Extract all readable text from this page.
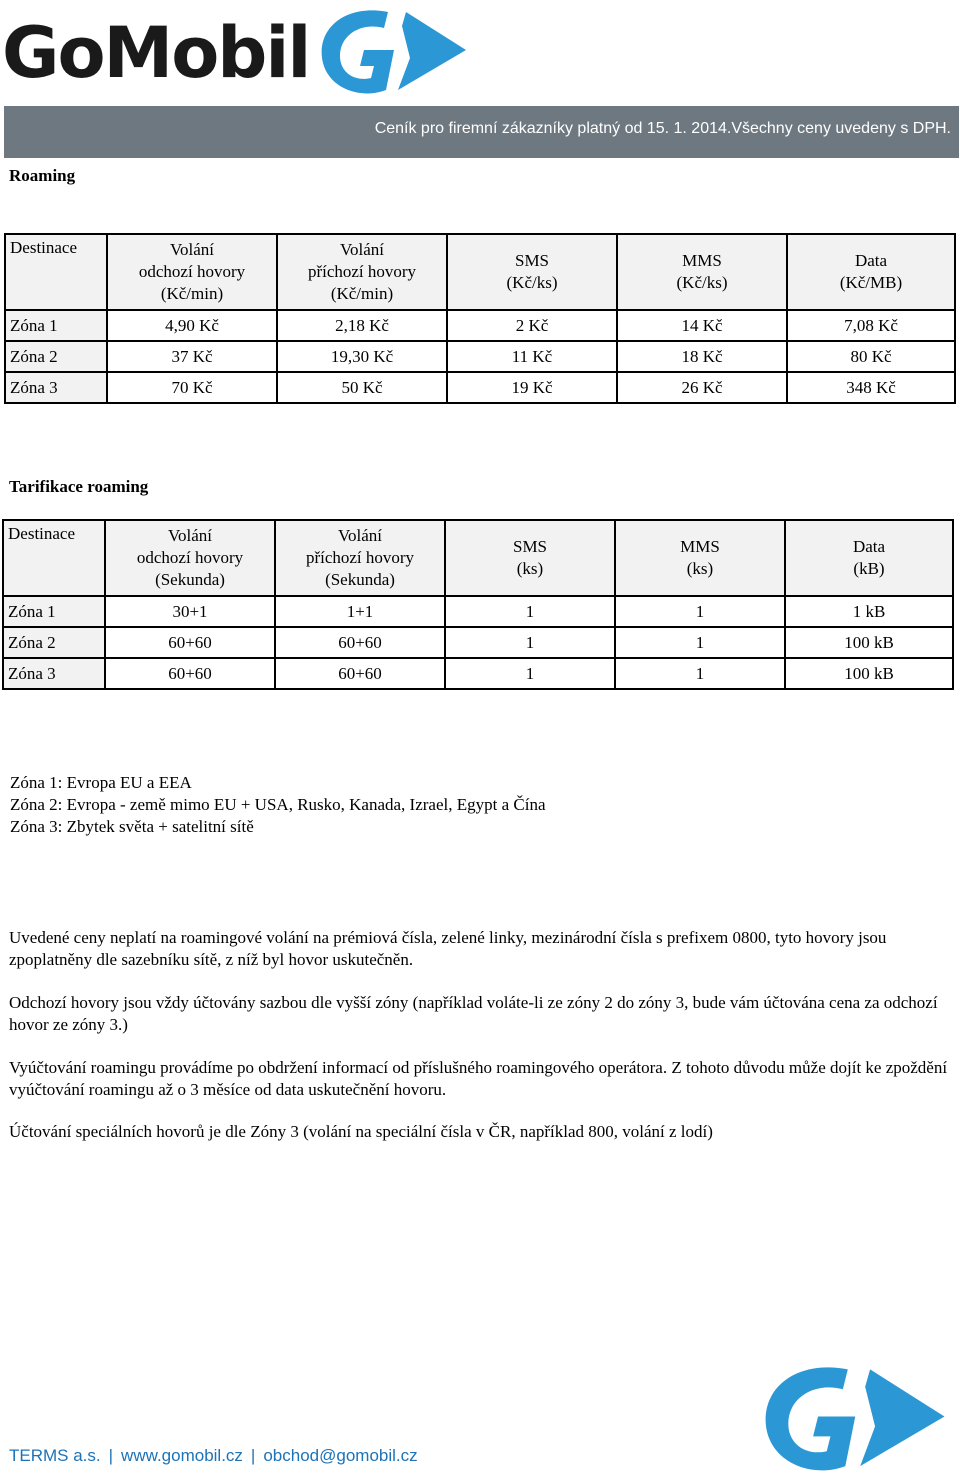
GoMobil
Ceník pro firemní zákazníky platný od 15. 1. 2014.Všechny ceny uvedeny s DPH.
Roaming
Destinace	Volání
odchozí hovory
(Kč/min)	Volání
příchozí hovory
(Kč/min)	SMS
(Kč/ks)	MMS
(Kč/ks)	Data
(Kč/MB)

Zóna 1	4,90 Kč	2,18 Kč	2 Kč	14 Kč	7,08 Kč
Zóna 2	37 Kč	19,30 Kč	11 Kč	18 Kč	80 Kč
Zóna 3	70 Kč	50 Kč	19 Kč	26 Kč	348 Kč
Tarifikace roaming
Destinace	Volání
odchozí hovory
(Sekunda)	Volání
příchozí hovory
(Sekunda)	SMS
(ks)	MMS
(ks)	Data
(kB)

Zóna 1	30+1	1+1	1	1	1 kB
Zóna 2	60+60	60+60	1	1	100 kB
Zóna 3	60+60	60+60	1	1	100 kB
Zóna 1: Evropa EU a EEA
Zóna 2: Evropa - země mimo EU + USA, Rusko, Kanada, Izrael, Egypt a Čína
Zóna 3: Zbytek světa + satelitní sítě
Uvedené ceny neplatí na roamingové volání na prémiová čísla, zelené linky, mezinárodní čísla s prefixem 0800, tyto hovory jsou zpoplatněny dle sazebníku sítě, z níž byl hovor uskutečněn.
Odchozí hovory jsou vždy účtovány sazbou dle vyšší zóny (například voláte-li ze zóny 2 do zóny 3, bude vám účtována cena za odchozí hovor ze zóny 3.)
Vyúčtování roamingu provádíme po obdržení informací od příslušného roamingového operátora. Z tohoto důvodu může dojít ke zpoždění vyúčtování roamingu až o 3 měsíce od data uskutečnění hovoru.
Účtování speciálních hovorů je dle Zóny 3 (volání na speciální čísla v ČR, například 800, volání z lodí)
TERMS a.s. | www.gomobil.cz | obchod@gomobil.cz
